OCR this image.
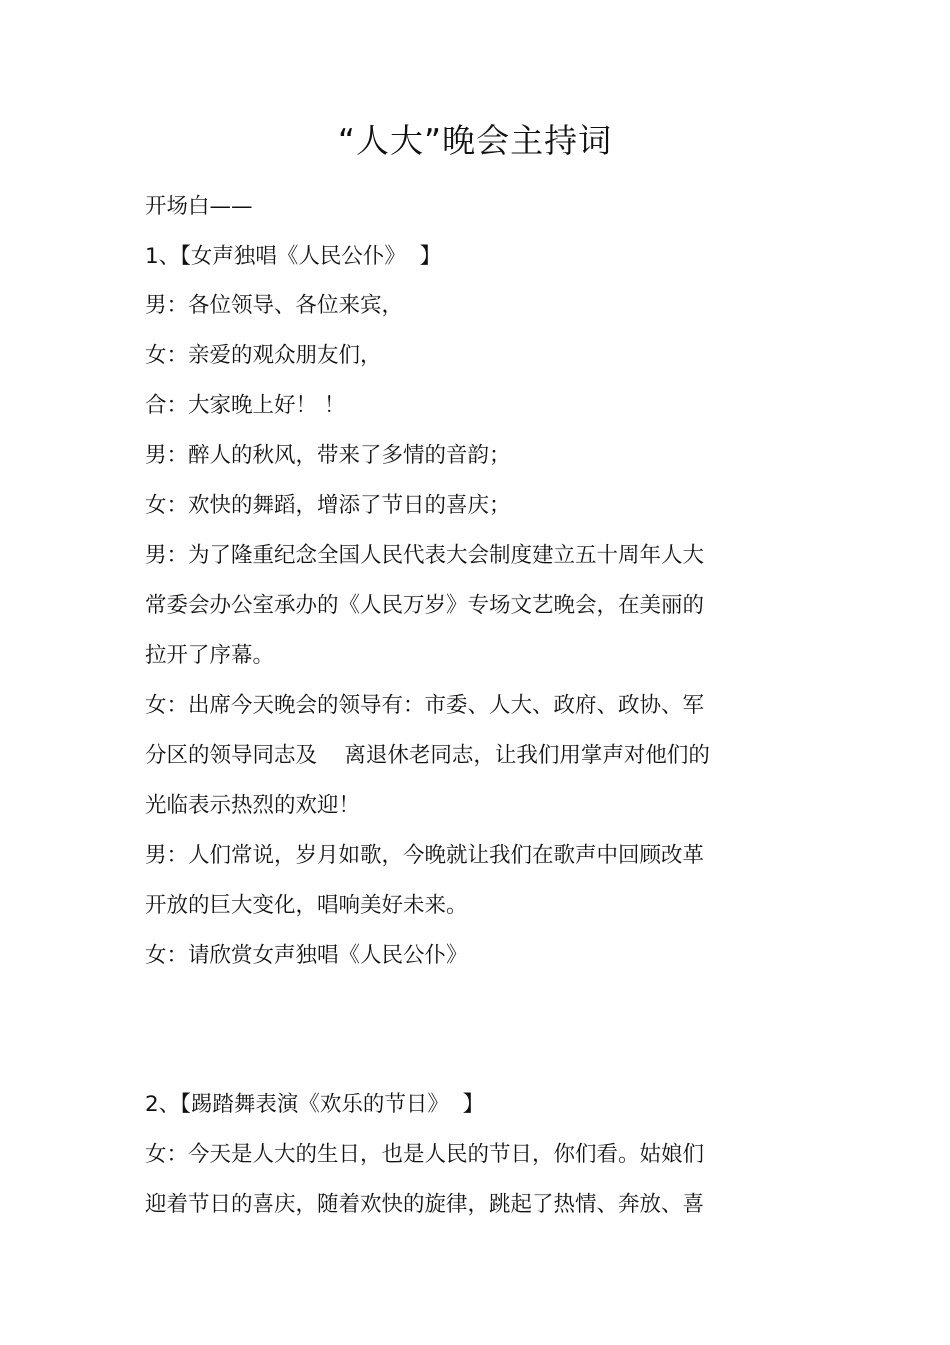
“人大”晚会主持词
开场白——
1、【女声独唱《人民公仆》  】
男：各位领导、各位来宾，
女：亲爱的观众朋友们，
合：大家晚上好！ ！
男：醉人的秋风，带来了多情的音韵；
女：欢快的舞蹈，增添了节日的喜庆；
男：为了隆重纪念全国人民代表大会制度建立五十周年人大
常委会办公室承办的《人民万岁》专场文艺晚会，在美丽的
拉开了序幕。
女：出席今天晚会的领导有：市委、人大、政府、政协、军
分区的领导同志及    离退休老同志，让我们用掌声对他们的
光临表示热烈的欢迎！
男：人们常说，岁月如歌，今晚就让我们在歌声中回顾改革
开放的巨大变化，唱响美好未来。
女：请欣赏女声独唱《人民公仆》
2、【踢踏舞表演《欢乐的节日》  】
女：今天是人大的生日，也是人民的节日，你们看。姑娘们
迎着节日的喜庆，随着欢快的旋律，跳起了热情、奔放、喜
